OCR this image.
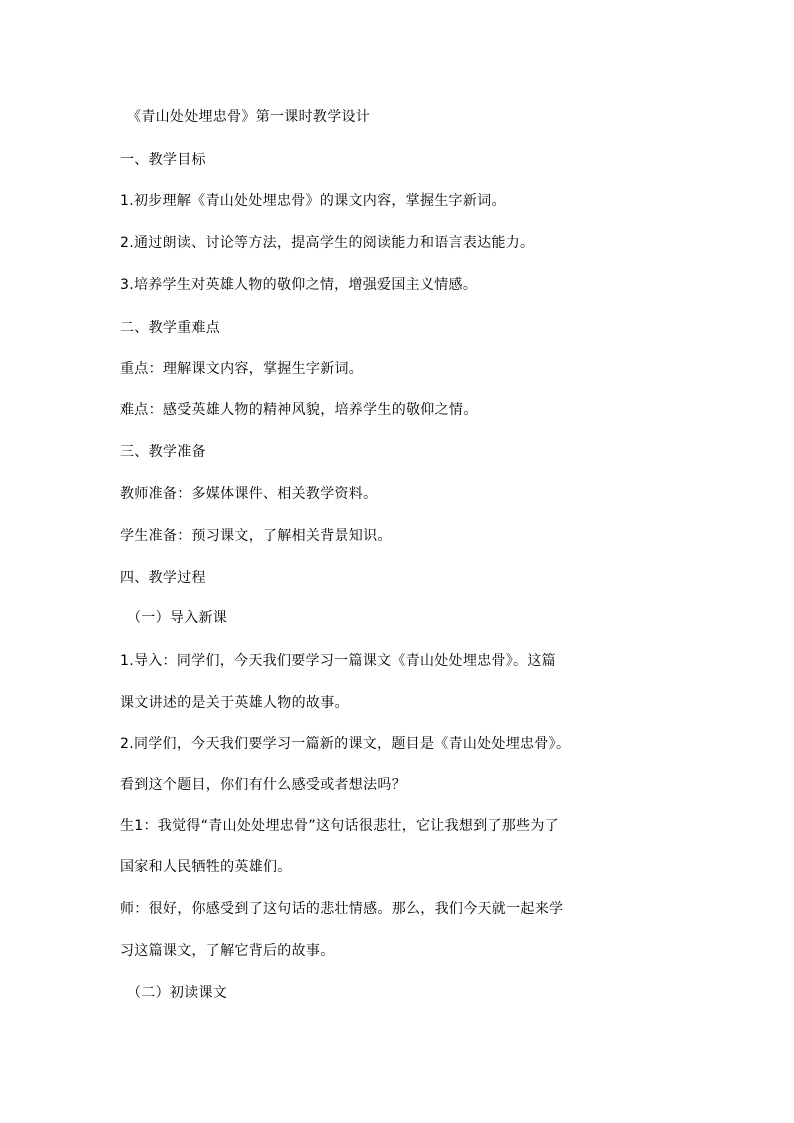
《青山处处埋忠骨》第一课时教学设计
一、教学目标
1.初步理解《青山处处埋忠骨》的课文内容，掌握生字新词。
2.通过朗读、讨论等方法，提高学生的阅读能力和语言表达能力。
3.培养学生对英雄人物的敬仰之情，增强爱国主义情感。
二、教学重难点
重点：理解课文内容，掌握生字新词。
难点：感受英雄人物的精神风貌，培养学生的敬仰之情。
三、教学准备
教师准备：多媒体课件、相关教学资料。
学生准备：预习课文，了解相关背景知识。
四、教学过程
（一）导入新课
1.导入：同学们，今天我们要学习一篇课文《青山处处埋忠骨》。这篇
课文讲述的是关于英雄人物的故事。
2.同学们，今天我们要学习一篇新的课文，题目是《青山处处埋忠骨》。
看到这个题目，你们有什么感受或者想法吗？
生1：我觉得“青山处处埋忠骨”这句话很悲壮，它让我想到了那些为了
国家和人民牺牲的英雄们。
师：很好，你感受到了这句话的悲壮情感。那么，我们今天就一起来学
习这篇课文，了解它背后的故事。
（二）初读课文
